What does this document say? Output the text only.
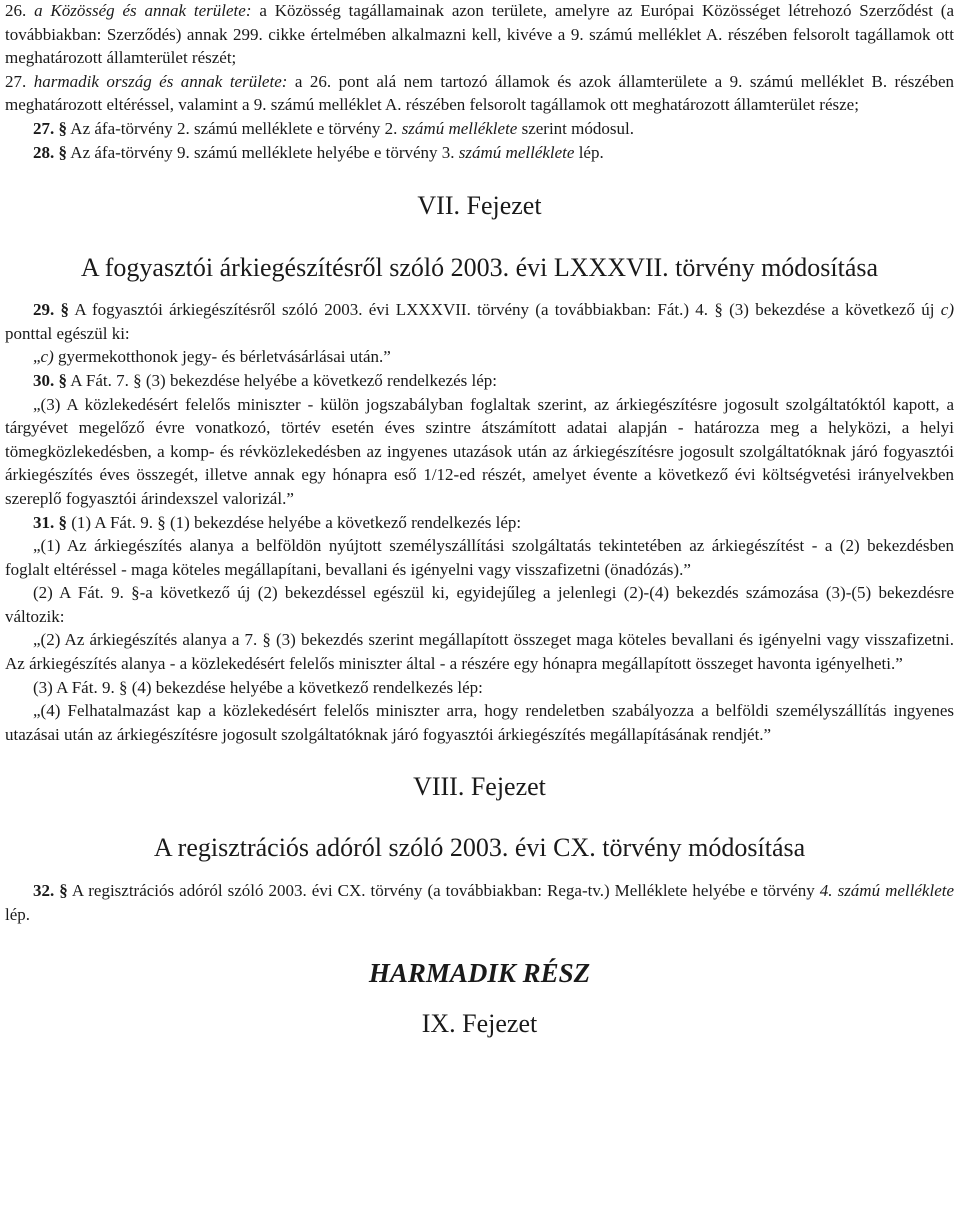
26. a Közösség és annak területe: a Közösség tagállamainak azon területe, amelyre az Európai Közösséget létrehozó Szerződést (a továbbiakban: Szerződés) annak 299. cikke értelmében alkalmazni kell, kivéve a 9. számú melléklet A. részében felsorolt tagállamok ott meghatározott államterület részét;

27. harmadik ország és annak területe: a 26. pont alá nem tartozó államok és azok államterülete a 9. számú melléklet B. részében meghatározott eltéréssel, valamint a 9. számú melléklet A. részében felsorolt tagállamok ott meghatározott államterület része;

27. § Az áfa-törvény 2. számú melléklete e törvény 2. számú melléklete szerint módosul.

28. § Az áfa-törvény 9. számú melléklete helyébe e törvény 3. számú melléklete lép.

VII. Fejezet

A fogyasztói árkiegészítésről szóló 2003. évi LXXXVII. törvény módosítása

29. § A fogyasztói árkiegészítésről szóló 2003. évi LXXXVII. törvény (a továbbiakban: Fát.) 4. § (3) bekezdése a következő új c) ponttal egészül ki:

„c) gyermekotthonok jegy- és bérletvásárlásai után.”

30. § A Fát. 7. § (3) bekezdése helyébe a következő rendelkezés lép:

„(3) A közlekedésért felelős miniszter - külön jogszabályban foglaltak szerint, az árkiegészítésre jogosult szolgáltatóktól kapott, a tárgyévet megelőző évre vonatkozó, törtév esetén éves szintre átszámított adatai alapján - határozza meg a helyközi, a helyi tömegközlekedésben, a komp- és révközlekedésben az ingyenes utazások után az árkiegészítésre jogosult szolgáltatóknak járó fogyasztói árkiegészítés éves összegét, illetve annak egy hónapra eső 1/12-ed részét, amelyet évente a következő évi költségvetési irányelvekben szereplő fogyasztói árindexszel valorizál.”

31. § (1) A Fát. 9. § (1) bekezdése helyébe a következő rendelkezés lép:

„(1) Az árkiegészítés alanya a belföldön nyújtott személyszállítási szolgáltatás tekintetében az árkiegészítést - a (2) bekezdésben foglalt eltéréssel - maga köteles megállapítani, bevallani és igényelni vagy visszafizetni (önadózás).”

(2) A Fát. 9. §-a következő új (2) bekezdéssel egészül ki, egyidejűleg a jelenlegi (2)-(4) bekezdés számozása (3)-(5) bekezdésre változik:

„(2) Az árkiegészítés alanya a 7. § (3) bekezdés szerint megállapított összeget maga köteles bevallani és igényelni vagy visszafizetni. Az árkiegészítés alanya - a közlekedésért felelős miniszter által - a részére egy hónapra megállapított összeget havonta igényelheti.”

(3) A Fát. 9. § (4) bekezdése helyébe a következő rendelkezés lép:

„(4) Felhatalmazást kap a közlekedésért felelős miniszter arra, hogy rendeletben szabályozza a belföldi személyszállítás ingyenes utazásai után az árkiegészítésre jogosult szolgáltatóknak járó fogyasztói árkiegészítés megállapításának rendjét.”

VIII. Fejezet

A regisztrációs adóról szóló 2003. évi CX. törvény módosítása

32. § A regisztrációs adóról szóló 2003. évi CX. törvény (a továbbiakban: Rega-tv.) Melléklete helyébe e törvény 4. számú melléklete lép.

HARMADIK RÉSZ

IX. Fejezet
